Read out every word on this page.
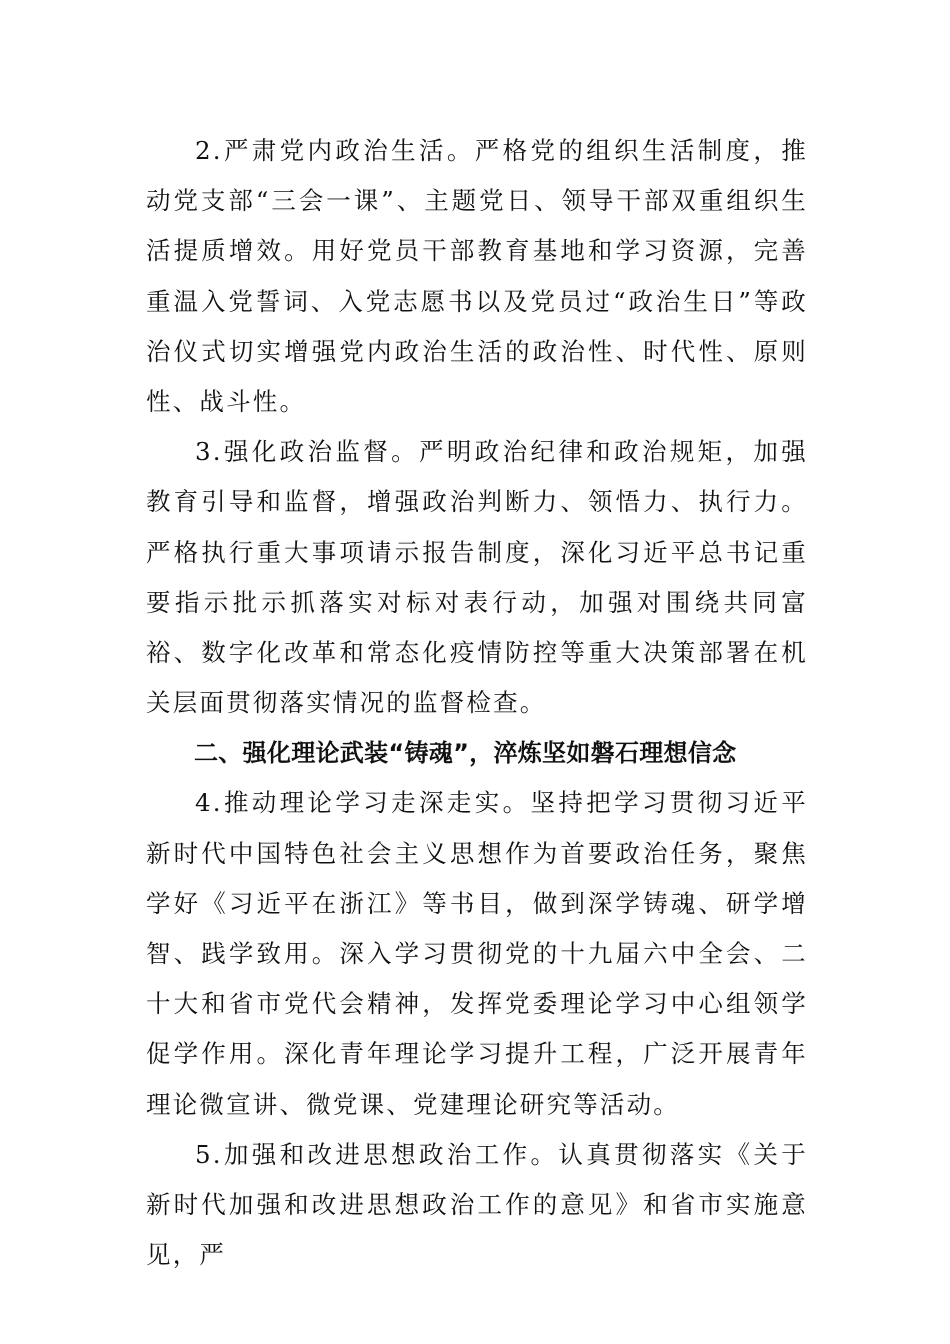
2.严肃党内政治生活。严格党的组织生活制度，推动党支部“三会一课”、主题党日、领导干部双重组织生活提质增效。用好党员干部教育基地和学习资源，完善重温入党誓词、入党志愿书以及党员过“政治生日”等政治仪式切实增强党内政治生活的政治性、时代性、原则性、战斗性。

3.强化政治监督。严明政治纪律和政治规矩，加强教育引导和监督，增强政治判断力、领悟力、执行力。严格执行重大事项请示报告制度，深化习近平总书记重要指示批示抓落实对标对表行动，加强对围绕共同富裕、数字化改革和常态化疫情防控等重大决策部署在机关层面贯彻落实情况的监督检查。

二、强化理论武装“铸魂”，淬炼坚如磐石理想信念

4.推动理论学习走深走实。坚持把学习贯彻习近平新时代中国特色社会主义思想作为首要政治任务，聚焦学好《习近平在浙江》等书目，做到深学铸魂、研学增智、践学致用。深入学习贯彻党的十九届六中全会、二十大和省市党代会精神，发挥党委理论学习中心组领学促学作用。深化青年理论学习提升工程，广泛开展青年理论微宣讲、微党课、党建理论研究等活动。

5.加强和改进思想政治工作。认真贯彻落实《关于新时代加强和改进思想政治工作的意见》和省市实施意见，严
